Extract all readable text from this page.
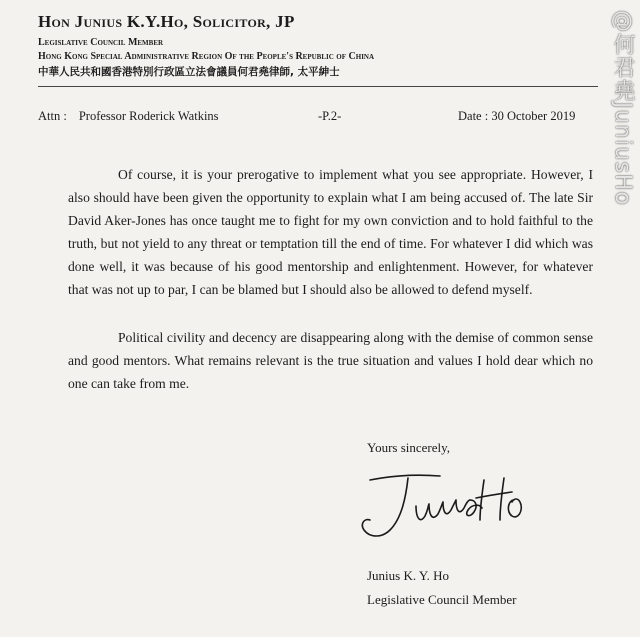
Hon Junius K.Y.Ho, Solicitor, JP
Legislative Council Member
Hong Kong Special Administrative Region Of the People's Republic of China
中華人民共和國香港特別行政區立法會議員何君堯律師, 太平紳士
Attn : Professor Roderick Watkins	-P.2-	Date : 30 October 2019
Of course, it is your prerogative to implement what you see appropriate. However, I also should have been given the opportunity to explain what I am being accused of. The late Sir David Aker-Jones has once taught me to fight for my own conviction and to hold faithful to the truth, but not yield to any threat or temptation till the end of time. For whatever I did which was done well, it was because of his good mentorship and enlightenment. However, for whatever that was not up to par, I can be blamed but I should also be allowed to defend myself.
Political civility and decency are disappearing along with the demise of common sense and good mentors. What remains relevant is the true situation and values I hold dear which no one can take from me.
Yours sincerely,
Junius K. Y. Ho
Legislative Council Member
@何君堯JuniusHo
